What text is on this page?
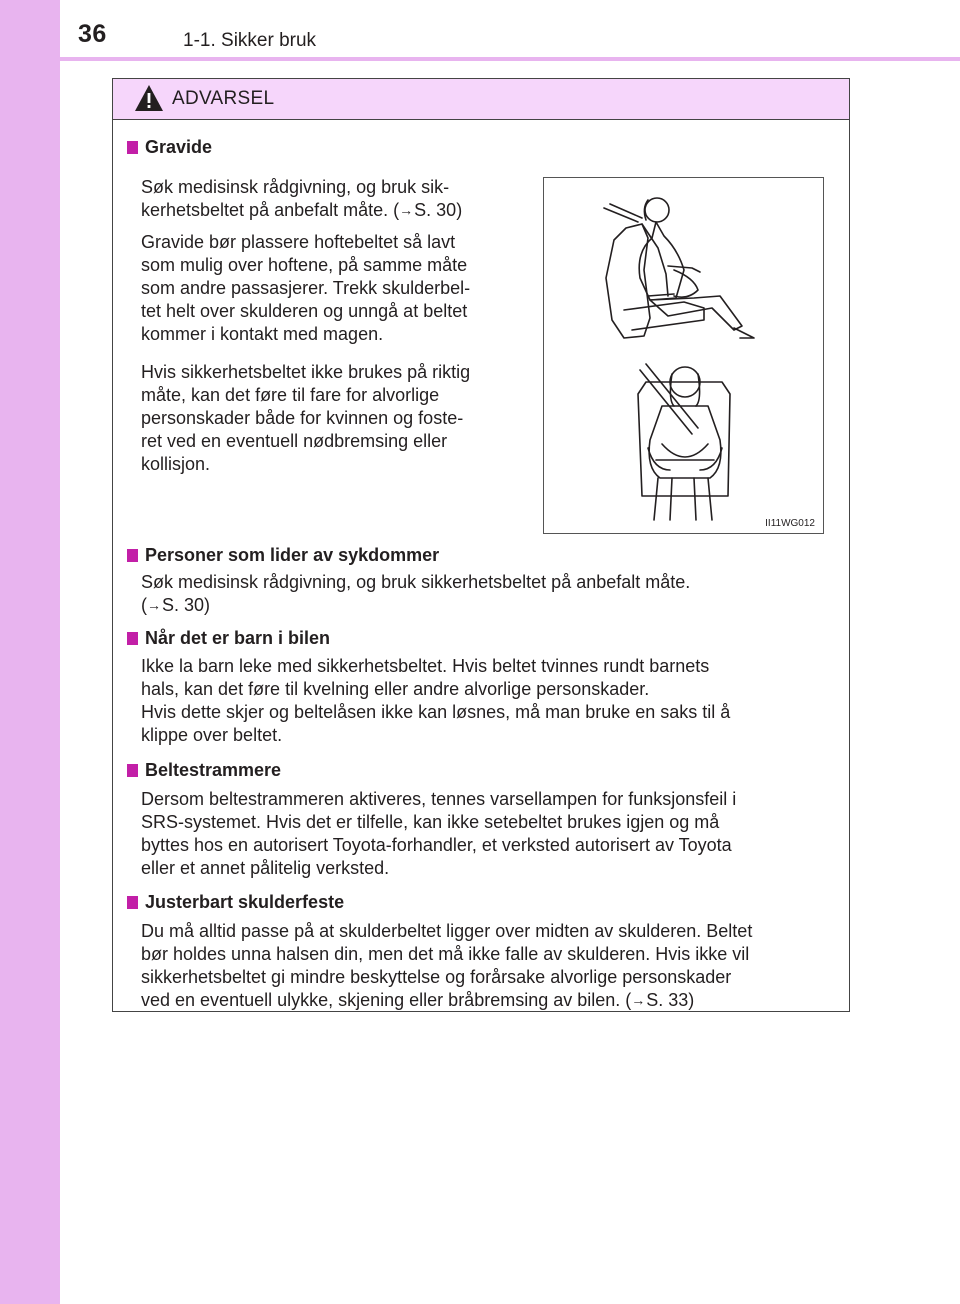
36	1-1. Sikker bruk
ADVARSEL
Gravide
Søk medisinsk rådgivning, og bruk sik-
kerhetsbeltet på anbefalt måte. (→S. 30)
Gravide bør plassere hoftebeltet så lavt
som mulig over hoftene, på samme måte
som andre passasjerer. Trekk skulderbel-
tet helt over skulderen og unngå at beltet
kommer i kontakt med magen.
Hvis sikkerhetsbeltet ikke brukes på riktig
måte, kan det føre til fare for alvorlige
personskader både for kvinnen og foste-
ret ved en eventuell nødbremsing eller
kollisjon.
II11WG012
Personer som lider av sykdommer
Søk medisinsk rådgivning, og bruk sikkerhetsbeltet på anbefalt måte.
(→S. 30)
Når det er barn i bilen
Ikke la barn leke med sikkerhetsbeltet. Hvis beltet tvinnes rundt barnets
hals, kan det føre til kvelning eller andre alvorlige personskader.
Hvis dette skjer og beltelåsen ikke kan løsnes, må man bruke en saks til å
klippe over beltet.
Beltestrammere
Dersom beltestrammeren aktiveres, tennes varsellampen for funksjonsfeil i
SRS-systemet. Hvis det er tilfelle, kan ikke setebeltet brukes igjen og må
byttes hos en autorisert Toyota-forhandler, et verksted autorisert av Toyota
eller et annet pålitelig verksted.
Justerbart skulderfeste
Du må alltid passe på at skulderbeltet ligger over midten av skulderen. Beltet
bør holdes unna halsen din, men det må ikke falle av skulderen. Hvis ikke vil
sikkerhetsbeltet gi mindre beskyttelse og forårsake alvorlige personskader
ved en eventuell ulykke, skjening eller bråbremsing av bilen. (→S. 33)
